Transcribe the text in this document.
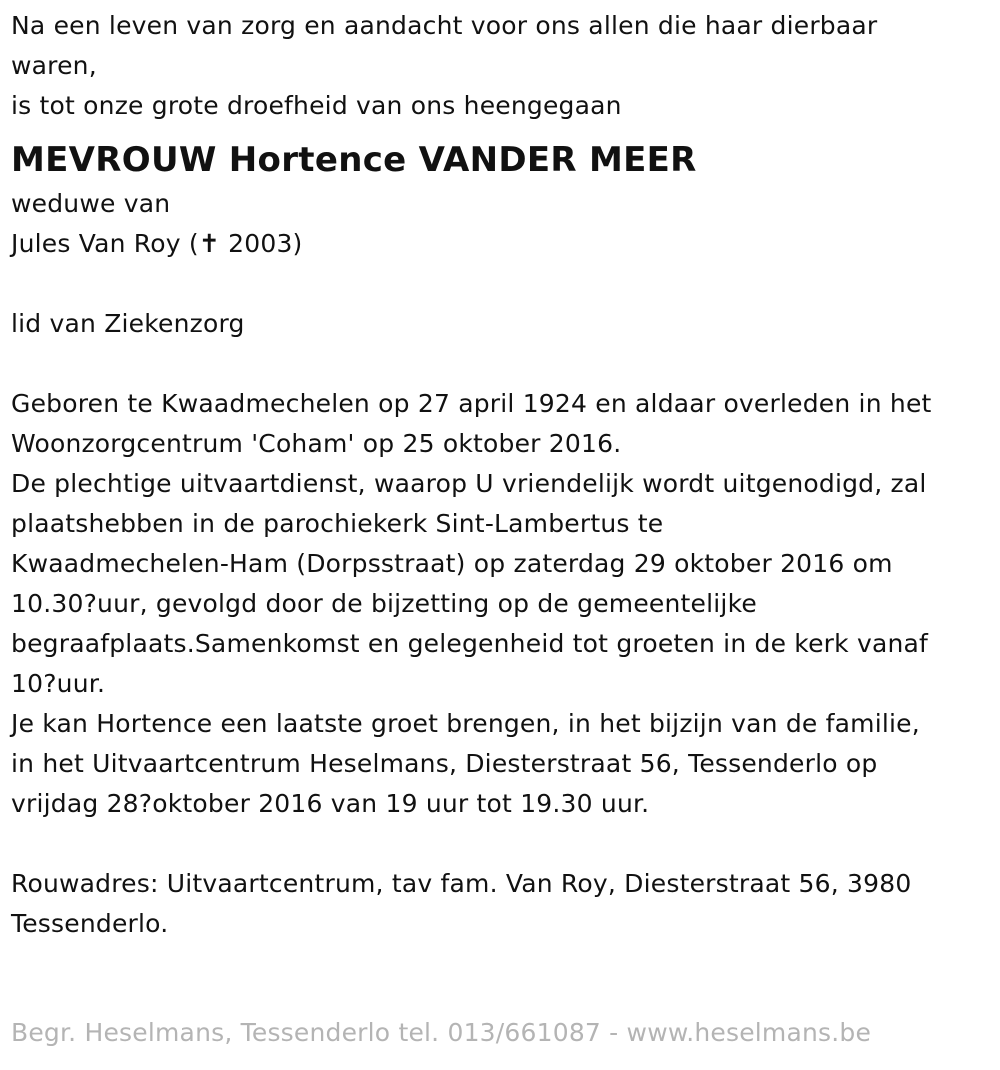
Na een leven van zorg en aandacht voor ons allen die haar dierbaar
waren,
is tot onze grote droefheid van ons heengegaan
MEVROUW Hortence VANDER MEER
weduwe van
Jules Van Roy (✝ 2003)
lid van Ziekenzorg
Geboren te Kwaadmechelen op 27 april 1924 en aldaar overleden in het
Woonzorgcentrum 'Coham' op 25 oktober 2016.
De plechtige uitvaartdienst, waarop U vriendelijk wordt uitgenodigd, zal
plaatshebben in de parochiekerk Sint-Lambertus te
Kwaadmechelen-Ham (Dorpsstraat) op zaterdag 29 oktober 2016 om
10.30?uur, gevolgd door de bijzetting op de gemeentelijke
begraafplaats.Samenkomst en gelegenheid tot groeten in de kerk vanaf
10?uur.
Je kan Hortence een laatste groet brengen, in het bijzijn van de familie,
in het Uitvaartcentrum Heselmans, Diesterstraat 56, Tessenderlo op
vrijdag 28?oktober 2016 van 19 uur tot 19.30 uur.
Rouwadres: Uitvaartcentrum, tav fam. Van Roy, Diesterstraat 56, 3980
Tessenderlo.
Begr. Heselmans, Tessenderlo tel. 013/661087 - www.heselmans.be
